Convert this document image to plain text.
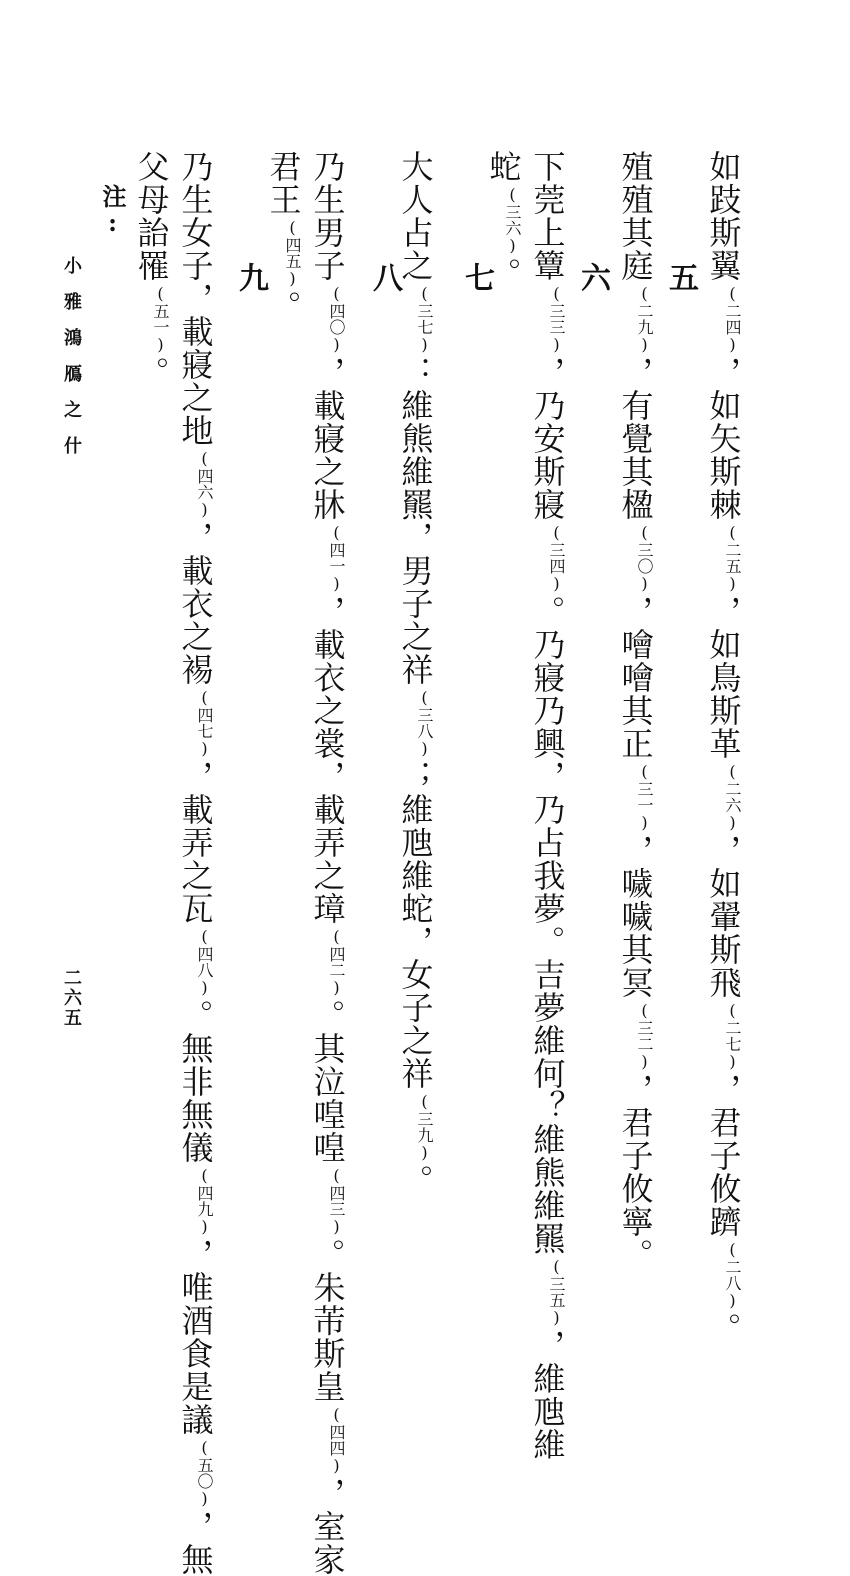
如跂斯翼(二四)，如矢斯棘(二五)，如鳥斯革(二六)，如翬斯飛(二七)，君子攸躋(二八)。
五
殖殖其庭(二九)，有覺其楹(三〇)，噲噲其正(三一)，噦噦其冥(三二)，君子攸寧。
六
下莞上簟(三三)，乃安斯寢(三四)。乃寢乃興，乃占我夢。吉夢維何？維熊維羆(三五)，維虺維
蛇(三六)。
七
大人占之(三七)：維熊維羆，男子之祥(三八)；維虺維蛇，女子之祥(三九)。
八
乃生男子(四〇)，載寢之牀(四一)，載衣之裳，載弄之璋(四二)。其泣喤喤(四三)。朱芾斯皇(四四)，室家
君王(四五)。
九
乃生女子，載寢之地(四六)，載衣之裼(四七)，載弄之瓦(四八)。無非無儀(四九)，唯酒食是議(五〇)，無
父母詒罹(五一)。
注:
小雅鴻鴈之什
二六五
